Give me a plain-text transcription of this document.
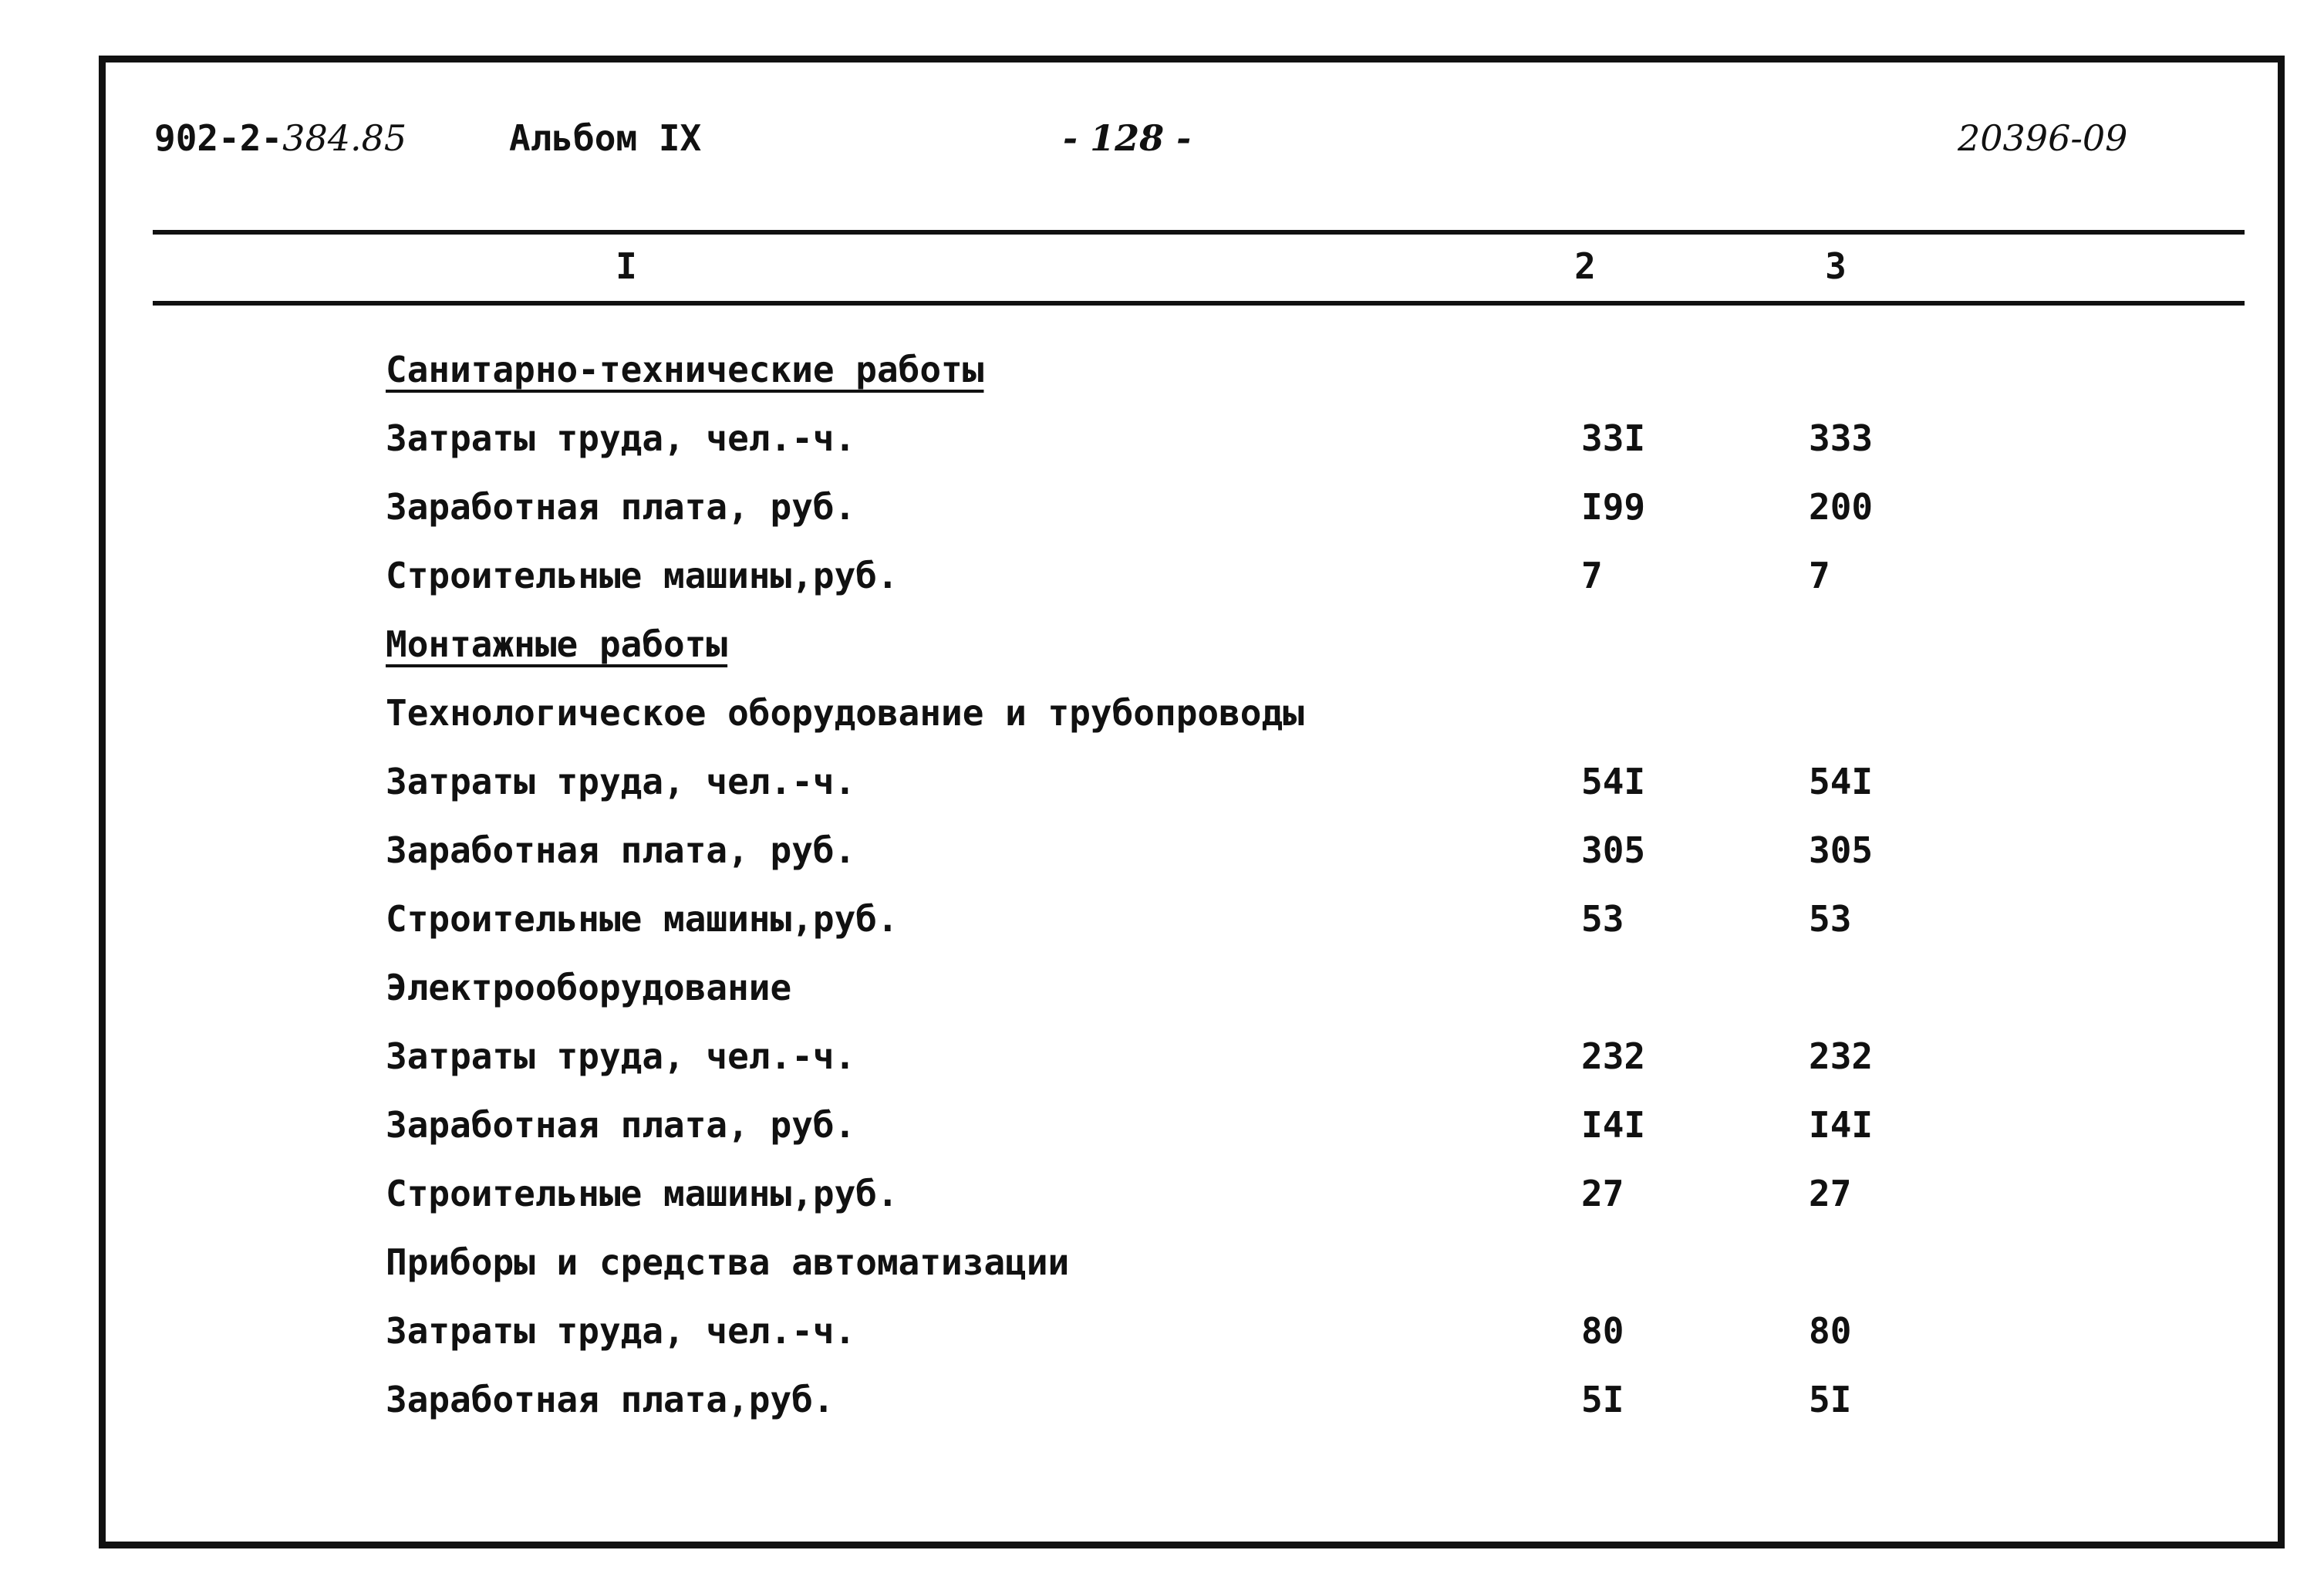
902-2-384.85	Альбом IX	- 128 -	20396-09
I	2	3
Санитарно-технические работы
Затраты труда, чел.-ч.	33I	333
Заработная плата, руб.	I99	200
Строительные машины,руб.	7	7
Монтажные работы
Технологическое оборудование и трубопроводы
Затраты труда, чел.-ч.	54I	54I
Заработная плата, руб.	305	305
Строительные машины,руб.	53	53
Электрооборудование
Затраты труда, чел.-ч.	232	232
Заработная плата, руб.	I4I	I4I
Строительные машины,руб.	27	27
Приборы и средства автоматизации
Затраты труда, чел.-ч.	80	80
Заработная плата,руб.	5I	5I
